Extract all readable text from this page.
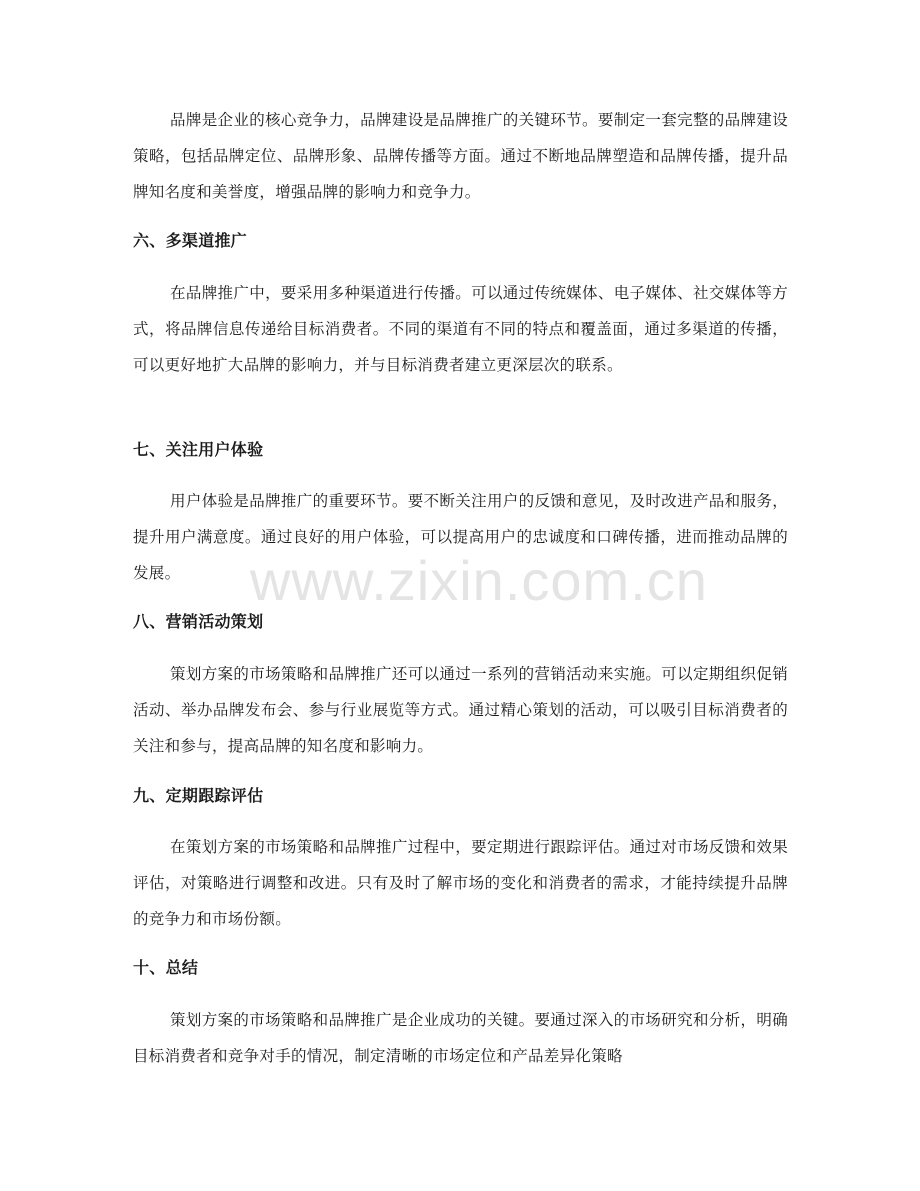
品牌是企业的核心竞争力，品牌建设是品牌推广的关键环节。要制定一套完整的品牌建设策略，包括品牌定位、品牌形象、品牌传播等方面。通过不断地品牌塑造和品牌传播，提升品牌知名度和美誉度，增强品牌的影响力和竞争力。

六、多渠道推广

在品牌推广中，要采用多种渠道进行传播。可以通过传统媒体、电子媒体、社交媒体等方式，将品牌信息传递给目标消费者。不同的渠道有不同的特点和覆盖面，通过多渠道的传播，可以更好地扩大品牌的影响力，并与目标消费者建立更深层次的联系。

七、关注用户体验

用户体验是品牌推广的重要环节。要不断关注用户的反馈和意见，及时改进产品和服务，提升用户满意度。通过良好的用户体验，可以提高用户的忠诚度和口碑传播，进而推动品牌的发展。

八、营销活动策划

策划方案的市场策略和品牌推广还可以通过一系列的营销活动来实施。可以定期组织促销活动、举办品牌发布会、参与行业展览等方式。通过精心策划的活动，可以吸引目标消费者的关注和参与，提高品牌的知名度和影响力。

九、定期跟踪评估

在策划方案的市场策略和品牌推广过程中，要定期进行跟踪评估。通过对市场反馈和效果评估，对策略进行调整和改进。只有及时了解市场的变化和消费者的需求，才能持续提升品牌的竞争力和市场份额。

十、总结

策划方案的市场策略和品牌推广是企业成功的关键。要通过深入的市场研究和分析，明确目标消费者和竞争对手的情况，制定清晰的市场定位和产品差异化策略

www.zixin.com.cn
